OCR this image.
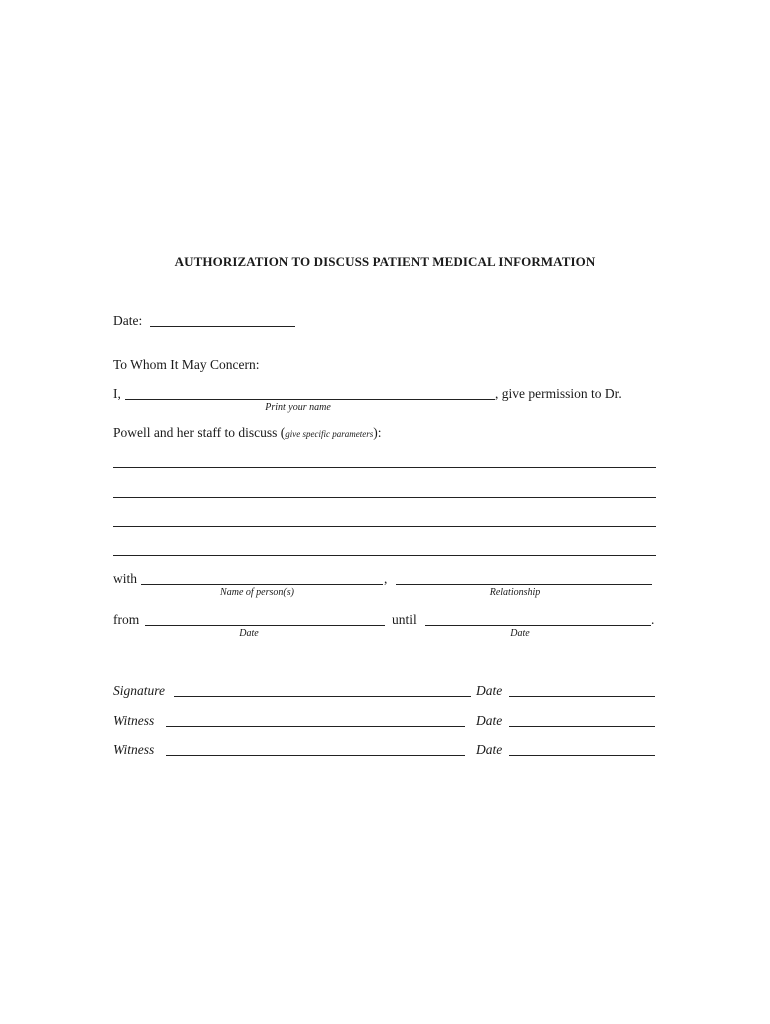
AUTHORIZATION TO DISCUSS PATIENT MEDICAL INFORMATION
Date:
To Whom It May Concern:
I,	, give permission to Dr.
Print your name
Powell and her staff to discuss (give specific parameters):
with	,
Name of person(s)	Relationship
from	until	.
Date	Date
Signature	Date
Witness	Date
Witness	Date
